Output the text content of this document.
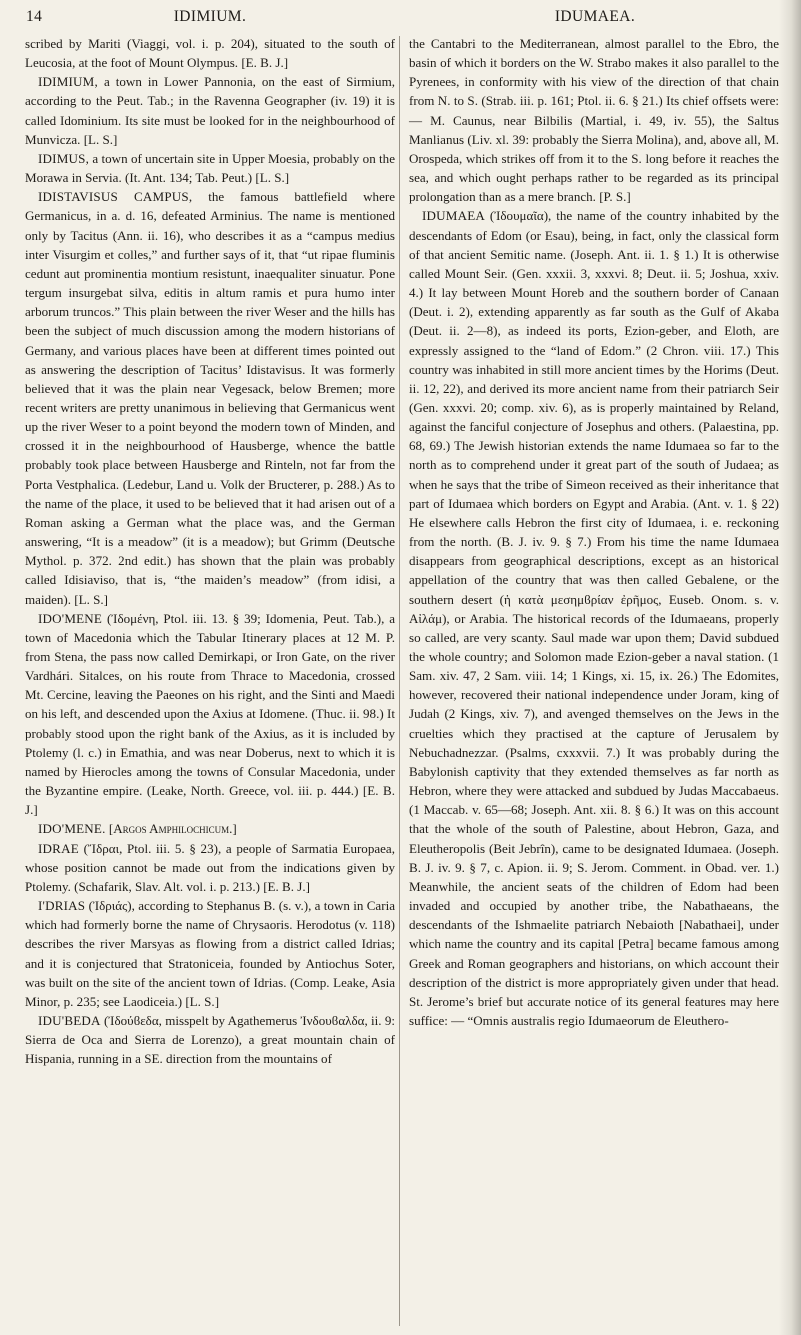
14	IDIMIUM.	IDUMAEA.

scribed by Mariti (Viaggi, vol. i. p. 204), situated to the south of Leucosia, at the foot of Mount Olympus. [E. B. J.]

IDIMIUM, a town in Lower Pannonia, on the east of Sirmium, according to the Peut. Tab.; in the Ravenna Geographer (iv. 19) it is called Idominium. Its site must be looked for in the neighbourhood of Munvicza. [L. S.]

IDIMUS, a town of uncertain site in Upper Moesia, probably on the Morawa in Servia. (It. Ant. 134; Tab. Peut.) [L. S.]

IDISTAVISUS CAMPUS, the famous battlefield where Germanicus, in a. d. 16, defeated Arminius. The name is mentioned only by Tacitus (Ann. ii. 16), who describes it as a “campus medius inter Visurgim et colles,” and further says of it, that “ut ripae fluminis cedunt aut prominentia montium resistunt, inaequaliter sinuatur. Pone tergum insurgebat silva, editis in altum ramis et pura humo inter arborum truncos.” This plain between the river Weser and the hills has been the subject of much discussion among the modern historians of Germany, and various places have been at different times pointed out as answering the description of Tacitus’ Idistavisus. It was formerly believed that it was the plain near Vegesack, below Bremen; more recent writers are pretty unanimous in believing that Germanicus went up the river Weser to a point beyond the modern town of Minden, and crossed it in the neighbourhood of Hausberge, whence the battle probably took place between Hausberge and Rinteln, not far from the Porta Vestphalica. (Ledebur, Land u. Volk der Bructerer, p. 288.) As to the name of the place, it used to be believed that it had arisen out of a Roman asking a German what the place was, and the German answering, “It is a meadow” (it is a meadow); but Grimm (Deutsche Mythol. p. 372. 2nd edit.) has shown that the plain was probably called Idisiaviso, that is, “the maiden’s meadow” (from idisi, a maiden). [L. S.]

IDO'MENE (Ἰδομένη, Ptol. iii. 13. § 39; Idomenia, Peut. Tab.), a town of Macedonia which the Tabular Itinerary places at 12 M. P. from Stena, the pass now called Demirkapi, or Iron Gate, on the river Vardhári. Sitalces, on his route from Thrace to Macedonia, crossed Mt. Cercine, leaving the Paeones on his right, and the Sinti and Maedi on his left, and descended upon the Axius at Idomene. (Thuc. ii. 98.) It probably stood upon the right bank of the Axius, as it is included by Ptolemy (l. c.) in Emathia, and was near Doberus, next to which it is named by Hierocles among the towns of Consular Macedonia, under the Byzantine empire. (Leake, North. Greece, vol. iii. p. 444.) [E. B. J.]

IDO'MENE. [Argos Amphilochicum.]

IDRAE (Ἴδραι, Ptol. iii. 5. § 23), a people of Sarmatia Europaea, whose position cannot be made out from the indications given by Ptolemy. (Schafarik, Slav. Alt. vol. i. p. 213.) [E. B. J.]

I'DRIAS (Ἰδριάς), according to Stephanus B. (s. v.), a town in Caria which had formerly borne the name of Chrysaoris. Herodotus (v. 118) describes the river Marsyas as flowing from a district called Idrias; and it is conjectured that Stratoniceia, founded by Antiochus Soter, was built on the site of the ancient town of Idrias. (Comp. Leake, Asia Minor, p. 235; see Laodiceia.) [L. S.]

IDU'BEDA (Ἰδούϐεδα, misspelt by Agathemerus Ἰνδουϐαλδα, ii. 9: Sierra de Oca and Sierra de Lorenzo), a great mountain chain of Hispania, running in a SE. direction from the mountains of

the Cantabri to the Mediterranean, almost parallel to the Ebro, the basin of which it borders on the W. Strabo makes it also parallel to the Pyrenees, in conformity with his view of the direction of that chain from N. to S. (Strab. iii. p. 161; Ptol. ii. 6. § 21.) Its chief offsets were: — M. Caunus, near Bilbilis (Martial, i. 49, iv. 55), the Saltus Manlianus (Liv. xl. 39: probably the Sierra Molina), and, above all, M. Orospeda, which strikes off from it to the S. long before it reaches the sea, and which ought perhaps rather to be regarded as its principal prolongation than as a mere branch. [P. S.]

IDUMAEA (Ἰδουμαῖα), the name of the country inhabited by the descendants of Edom (or Esau), being, in fact, only the classical form of that ancient Semitic name. (Joseph. Ant. ii. 1. § 1.) It is otherwise called Mount Seir. (Gen. xxxii. 3, xxxvi. 8; Deut. ii. 5; Joshua, xxiv. 4.) It lay between Mount Horeb and the southern border of Canaan (Deut. i. 2), extending apparently as far south as the Gulf of Akaba (Deut. ii. 2—8), as indeed its ports, Ezion-geber, and Eloth, are expressly assigned to the “land of Edom.” (2 Chron. viii. 17.) This country was inhabited in still more ancient times by the Horims (Deut. ii. 12, 22), and derived its more ancient name from their patriarch Seir (Gen. xxxvi. 20; comp. xiv. 6), as is properly maintained by Reland, against the fanciful conjecture of Josephus and others. (Palaestina, pp. 68, 69.) The Jewish historian extends the name Idumaea so far to the north as to comprehend under it great part of the south of Judaea; as when he says that the tribe of Simeon received as their inheritance that part of Idumaea which borders on Egypt and Arabia. (Ant. v. 1. § 22) He elsewhere calls Hebron the first city of Idumaea, i. e. reckoning from the north. (B. J. iv. 9. § 7.) From his time the name Idumaea disappears from geographical descriptions, except as an historical appellation of the country that was then called Gebalene, or the southern desert (ἡ κατὰ μεσημϐρίαν ἐρῆμος, Euseb. Onom. s. v. Αἰλάμ), or Arabia. The historical records of the Idumaeans, properly so called, are very scanty. Saul made war upon them; David subdued the whole country; and Solomon made Ezion-geber a naval station. (1 Sam. xiv. 47, 2 Sam. viii. 14; 1 Kings, xi. 15, ix. 26.) The Edomites, however, recovered their national independence under Joram, king of Judah (2 Kings, xiv. 7), and avenged themselves on the Jews in the cruelties which they practised at the capture of Jerusalem by Nebuchadnezzar. (Psalms, cxxxvii. 7.) It was probably during the Babylonish captivity that they extended themselves as far north as Hebron, where they were attacked and subdued by Judas Maccabaeus. (1 Maccab. v. 65—68; Joseph. Ant. xii. 8. § 6.) It was on this account that the whole of the south of Palestine, about Hebron, Gaza, and Eleutheropolis (Beit Jebrîn), came to be designated Idumaea. (Joseph. B. J. iv. 9. § 7, c. Apion. ii. 9; S. Jerom. Comment. in Obad. ver. 1.) Meanwhile, the ancient seats of the children of Edom had been invaded and occupied by another tribe, the Nabathaeans, the descendants of the Ishmaelite patriarch Nebaioth [Nabathaei], under which name the country and its capital [Petra] became famous among Greek and Roman geographers and historians, on which account their description of the district is more appropriately given under that head. St. Jerome’s brief but accurate notice of its general features may here suffice: — “Omnis australis regio Idumaeorum de Eleuthero-
